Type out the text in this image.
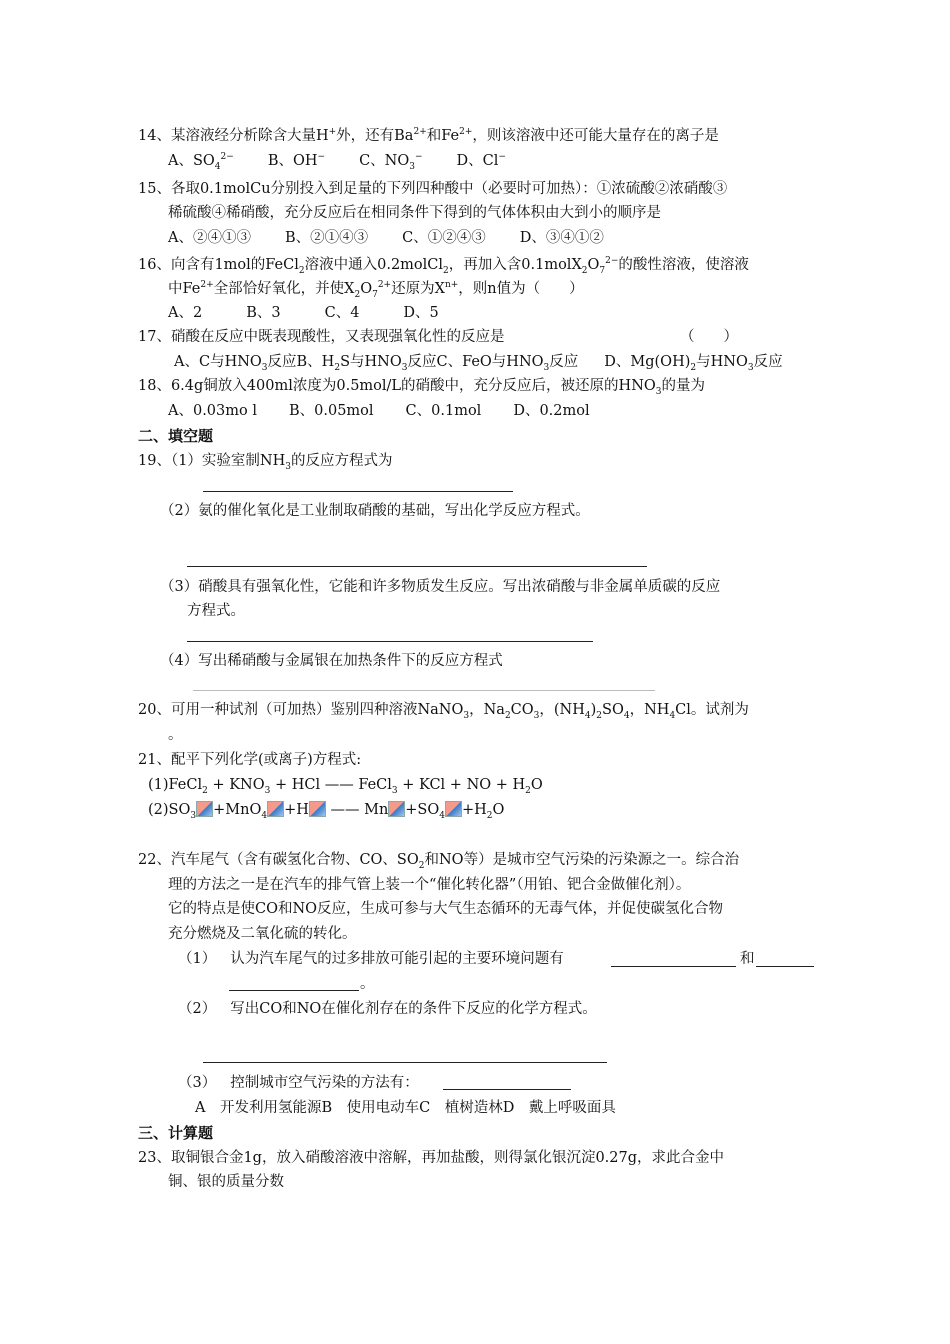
14、某溶液经分析除含大量H+外，还有$Ba^{2+}$和$Fe^{2+}$，则该溶液中还可能大量存在的离子是
A、$SO_4^{2-}$ B、OH− C、$NO_3^-$ D、Cl−
15、各取0.1molCu分别投入到足量的下列四种酸中（必要时可加热）：①浓硫酸②浓硝酸③
稀硫酸④稀硝酸，充分反应后在相同条件下得到的气体体积由大到小的顺序是
A、②④①③ B、②①④③ C、①②④③ D、③④①②
16、向含有1mol的FeCl$_2$溶液中通入0.2molCl$_2$，再加入含$0.1molX_2O_7^{2-}$的酸性溶液，使溶液
中$Fe^{2+}$全部恰好氧化，并使$X_2O_7^{2+}$还原为$X^{n+}$，则n值为（　　）
A、2	B、3	C、4	D、5
17、硝酸在反应中既表现酸性，又表现强氧化性的反应是	（　　）
A、C与$HNO_3$反应B、$H_2S$与$HNO_3$反应C、FeO与$HNO_3$反应 D、$Mg(OH)_2$与$HNO_3$反应
18、6.4g铜放入400ml浓度为0.5mol/L的硝酸中，充分反应后，被还原的$HNO_3$的量为
A、0.03mo l B、0.05mol C、0.1mol D、0.2mol
二、填空题
19、（1）实验室制$NH_3$的反应方程式为
（2）氨的催化氧化是工业制取硝酸的基础，写出化学反应方程式。
（3）硝酸具有强氧化性，它能和许多物质发生反应。写出浓硝酸与非金属单质碳的反应
方程式。
（4）写出稀硝酸与金属银在加热条件下的反应方程式
20、可用一种试剂（可加热）鉴别四种溶液NaNO$_3$，$Na_2CO_3$，$(NH_4)_2SO_4$，$NH_4Cl$。试剂为
。
21、配平下列化学(或离子)方程式:
(1)FeCl$_2$ + $KNO_3$ + HCl —— FeCl$_3$ + KCl + NO + $H_2O$
$(2)SO_3 +MnO_4 +H$ —— $Mn +SO_4 +H_2O$
22、汽车尾气（含有碳氢化合物、CO、$SO_2$和NO等）是城市空气污染的污染源之一。综合治
理的方法之一是在汽车的排气管上装一个“催化转化器”（用铂、钯合金做催化剂）。
它的特点是使CO和NO反应，生成可参与大气生态循环的无毒气体，并促使碳氢化合物
充分燃烧及二氧化硫的转化。
（1） 认为汽车尾气的过多排放可能引起的主要环境问题有	和
。
（2） 写出CO和NO在催化剂存在的条件下反应的化学方程式。
（3） 控制城市空气污染的方法有：
A　开发利用氢能源B　使用电动车C　植树造林D　戴上呼吸面具
三、计算题
23、取铜银合金1g，放入硝酸溶液中溶解，再加盐酸，则得氯化银沉淀0.27g，求此合金中
铜、银的质量分数
